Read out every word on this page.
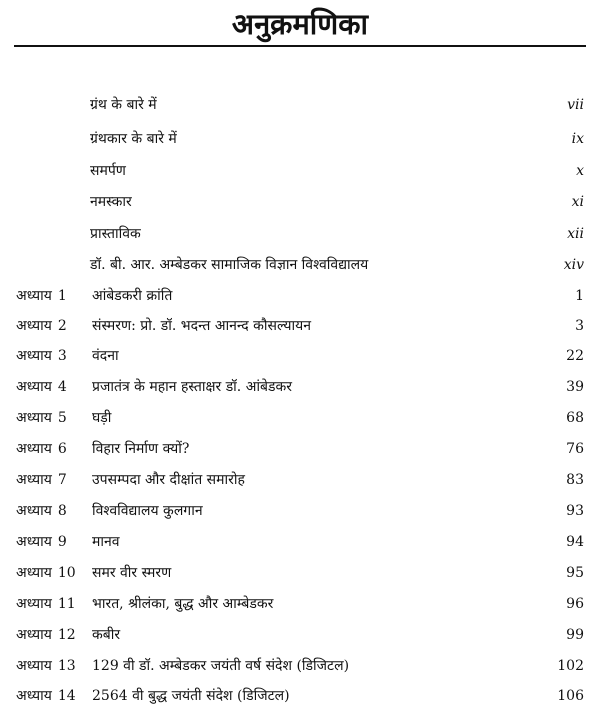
अनुक्रमणिका
ग्रंथ के बारे में	vii
ग्रंथकार के बारे में	ix
समर्पण	x
नमस्कार	xi
प्रास्ताविक	xii
डॉ. बी. आर. अम्बेडकर सामाजिक विज्ञान विश्वविद्यालय	xiv
अध्याय 1 आंबेडकरी क्रांति	1
अध्याय 2 संस्मरण: प्रो. डॉ. भदन्त आनन्द कौसल्यायन	3
अध्याय 3 वंदना	22
अध्याय 4 प्रजातंत्र के महान हस्ताक्षर डॉ. आंबेडकर	39
अध्याय 5 घड़ी	68
अध्याय 6 विहार निर्माण क्यों?	76
अध्याय 7 उपसम्पदा और दीक्षांत समारोह	83
अध्याय 8 विश्वविद्यालय कुलगान	93
अध्याय 9 मानव	94
अध्याय 10 समर वीर स्मरण	95
अध्याय 11 भारत, श्रीलंका, बुद्ध और आम्बेडकर	96
अध्याय 12 कबीर	99
अध्याय 13 129 वी डॉ. अम्बेडकर जयंती वर्ष संदेश (डिजिटल)	102
अध्याय 14 2564 वी बुद्ध जयंती संदेश (डिजिटल)	106
